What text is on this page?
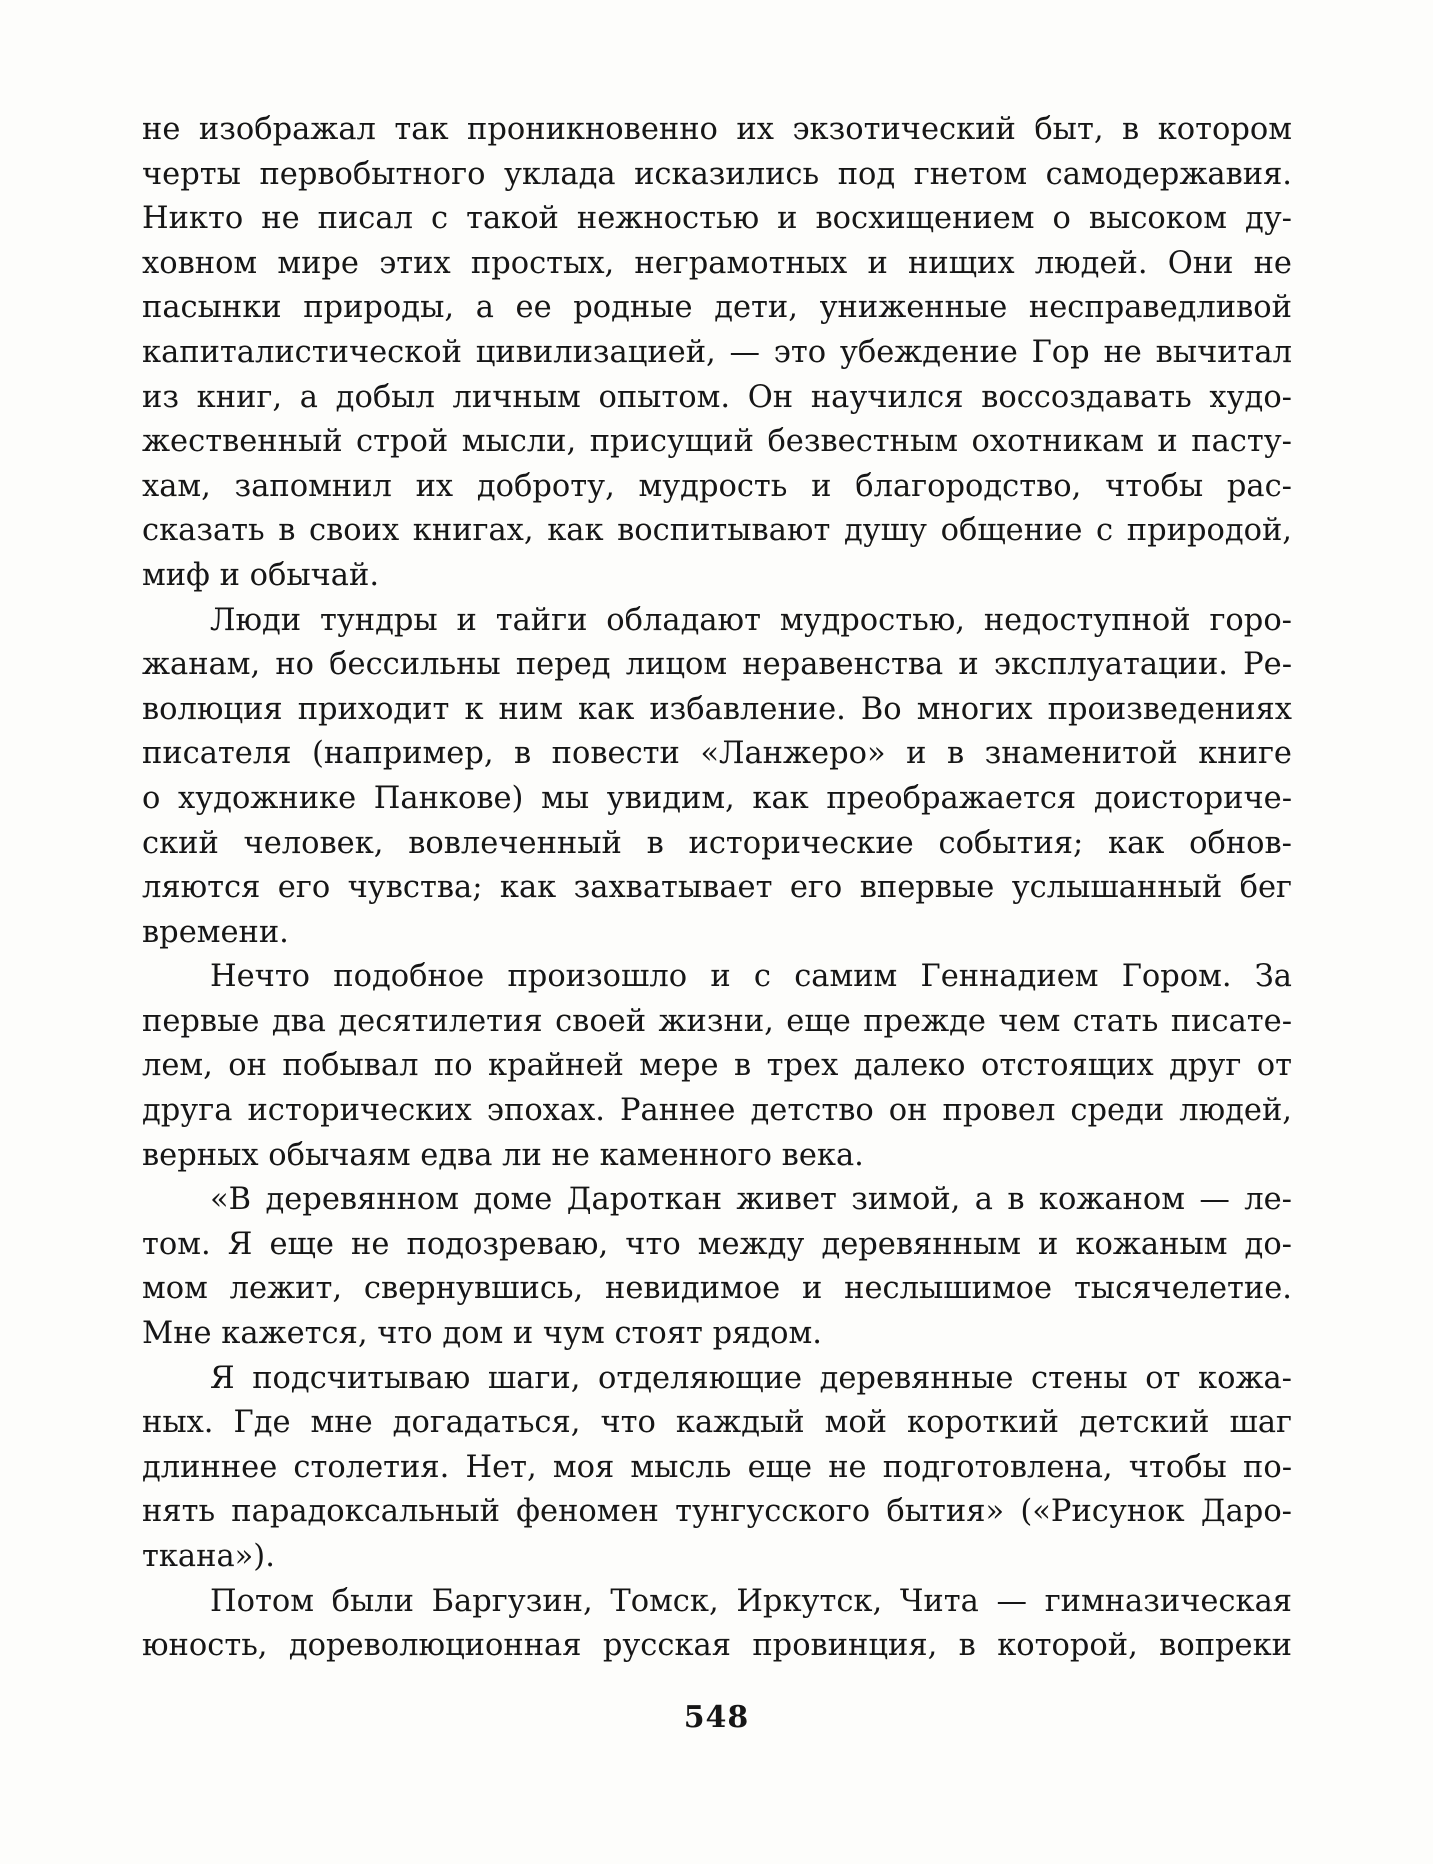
не изображал так проникновенно их экзотический быт, в котором
черты первобытного уклада исказились под гнетом самодержавия.
Никто не писал с такой нежностью и восхищением о высоком ду-
ховном мире этих простых, неграмотных и нищих людей. Они не
пасынки природы, а ее родные дети, униженные несправедливой
капиталистической цивилизацией, — это убеждение Гор не вычитал
из книг, а добыл личным опытом. Он научился воссоздавать худо-
жественный строй мысли, присущий безвестным охотникам и пасту-
хам, запомнил их доброту, мудрость и благородство, чтобы рас-
сказать в своих книгах, как воспитывают душу общение с природой,
миф и обычай.
Люди тундры и тайги обладают мудростью, недоступной горо-
жанам, но бессильны перед лицом неравенства и эксплуатации. Ре-
волюция приходит к ним как избавление. Во многих произведениях
писателя (например, в повести «Ланжеро» и в знаменитой книге
о художнике Панкове) мы увидим, как преображается доисториче-
ский человек, вовлеченный в исторические события; как обнов-
ляются его чувства; как захватывает его впервые услышанный бег
времени.
Нечто подобное произошло и с самим Геннадием Гором. За
первые два десятилетия своей жизни, еще прежде чем стать писате-
лем, он побывал по крайней мере в трех далеко отстоящих друг от
друга исторических эпохах. Раннее детство он провел среди людей,
верных обычаям едва ли не каменного века.
«В деревянном доме Дароткан живет зимой, а в кожаном — ле-
том. Я еще не подозреваю, что между деревянным и кожаным до-
мом лежит, свернувшись, невидимое и неслышимое тысячелетие.
Мне кажется, что дом и чум стоят рядом.
Я подсчитываю шаги, отделяющие деревянные стены от кожа-
ных. Где мне догадаться, что каждый мой короткий детский шаг
длиннее столетия. Нет, моя мысль еще не подготовлена, чтобы по-
нять парадоксальный феномен тунгусского бытия» («Рисунок Даро-
ткана»).
Потом были Баргузин, Томск, Иркутск, Чита — гимназическая
юность, дореволюционная русская провинция, в которой, вопреки
548
